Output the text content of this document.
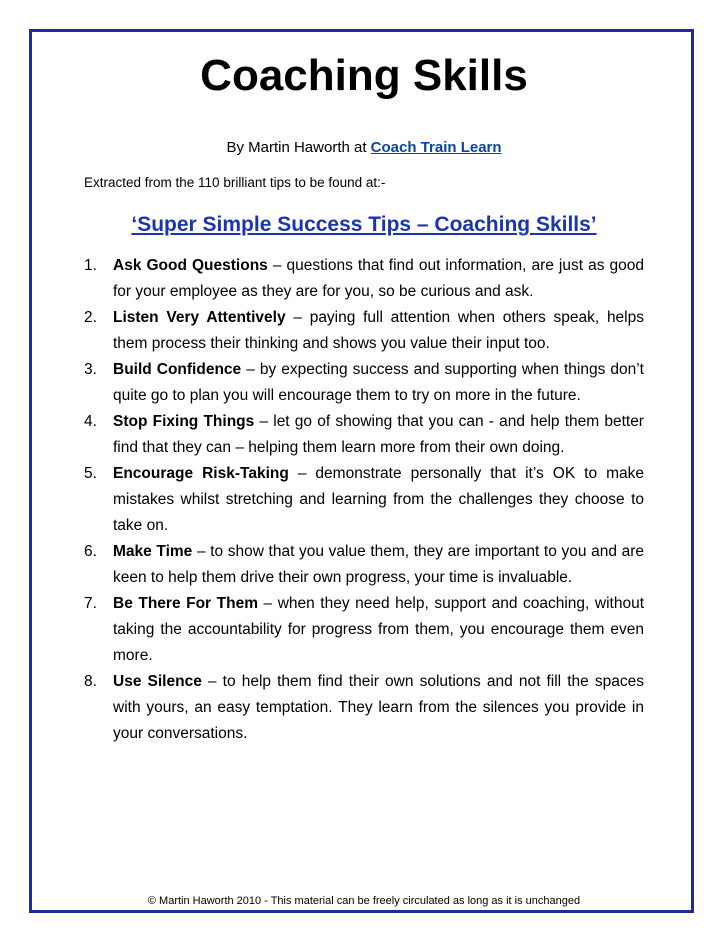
Coaching Skills
By Martin Haworth at Coach Train Learn
Extracted from the 110 brilliant tips to be found at:-
‘Super Simple Success Tips – Coaching Skills’
1. Ask Good Questions – questions that find out information, are just as good for your employee as they are for you, so be curious and ask.
2. Listen Very Attentively – paying full attention when others speak, helps them process their thinking and shows you value their input too.
3. Build Confidence – by expecting success and supporting when things don’t quite go to plan you will encourage them to try on more in the future.
4. Stop Fixing Things – let go of showing that you can - and help them better find that they can – helping them learn more from their own doing.
5. Encourage Risk-Taking – demonstrate personally that it’s OK to make mistakes whilst stretching and learning from the challenges they choose to take on.
6. Make Time – to show that you value them, they are important to you and are keen to help them drive their own progress, your time is invaluable.
7. Be There For Them – when they need help, support and coaching, without taking the accountability for progress from them, you encourage them even more.
8. Use Silence – to help them find their own solutions and not fill the spaces with yours, an easy temptation. They learn from the silences you provide in your conversations.
© Martin Haworth 2010 - This material can be freely circulated as long as it is unchanged
